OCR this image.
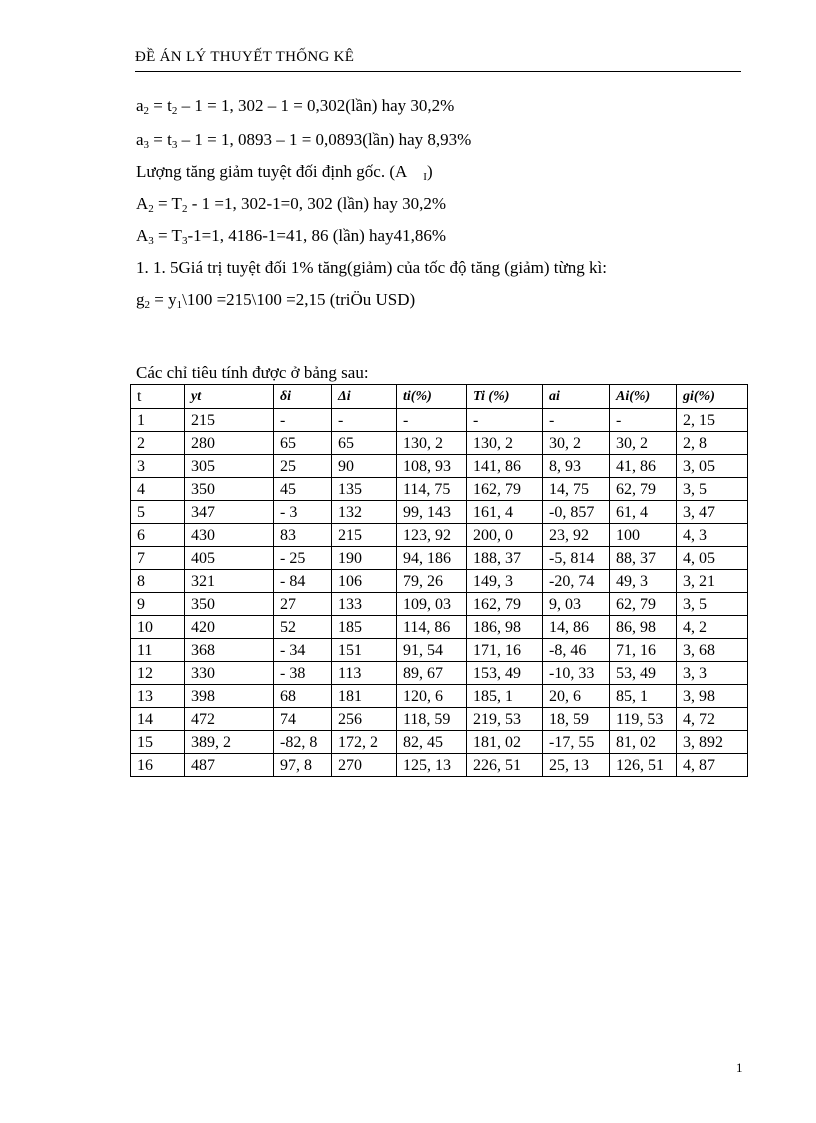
ĐỀ ÁN LÝ THUYẾT THỐNG KÊ
$a_2 = t_2 - 1 = 1$, 302 – 1 = 0,302(lần) hay 30,2%
$a_3 = t_3 - 1 = 1$, 0893 – 1 = 0,0893(lần) hay 8,93%
Lượng tăng giảm tuyệt đối định gốc. (A $_I$)
$A_2 = T_2 - 1 =1$, 302-1=0, 302 (lần) hay 30,2%
$A_3 = T_3-1=1$, 4186-1=41, 86 (lần) hay41,86%
1. 1. 5Giá trị tuyệt đối 1% tăng(giảm) của tốc độ tăng (giảm) từng kì:
$g_2$ = $y_1\backslash 100$ =215\100 =2,15 (triÖu USD)
Các chỉ tiêu tính được ở bảng sau:
t	yt	δi	Δi	ti(%)	Ti (%)	ai	Ai(%)	gi(%)
1	215	-	-	-	-	-	-	2, 15
2	280	65	65	130, 2	130, 2	30, 2	30, 2	2, 8
3	305	25	90	108, 93	141, 86	8, 93	41, 86	3, 05
4	350	45	135	114, 75	162, 79	14, 75	62, 79	3, 5
5	347	- 3	132	99, 143	161, 4	-0, 857	61, 4	3, 47
6	430	83	215	123, 92	200, 0	23, 92	100	4, 3
7	405	- 25	190	94, 186	188, 37	-5, 814	88, 37	4, 05
8	321	- 84	106	79, 26	149, 3	-20, 74	49, 3	3, 21
9	350	27	133	109, 03	162, 79	9, 03	62, 79	3, 5
10	420	52	185	114, 86	186, 98	14, 86	86, 98	4, 2
11	368	- 34	151	91, 54	171, 16	-8, 46	71, 16	3, 68
12	330	- 38	113	89, 67	153, 49	-10, 33	53, 49	3, 3
13	398	68	181	120, 6	185, 1	20, 6	85, 1	3, 98
14	472	74	256	118, 59	219, 53	18, 59	119, 53	4, 72
15	389, 2	-82, 8	172, 2	82, 45	181, 02	-17, 55	81, 02	3, 892
16	487	97, 8	270	125, 13	226, 51	25, 13	126, 51	4, 87
1
